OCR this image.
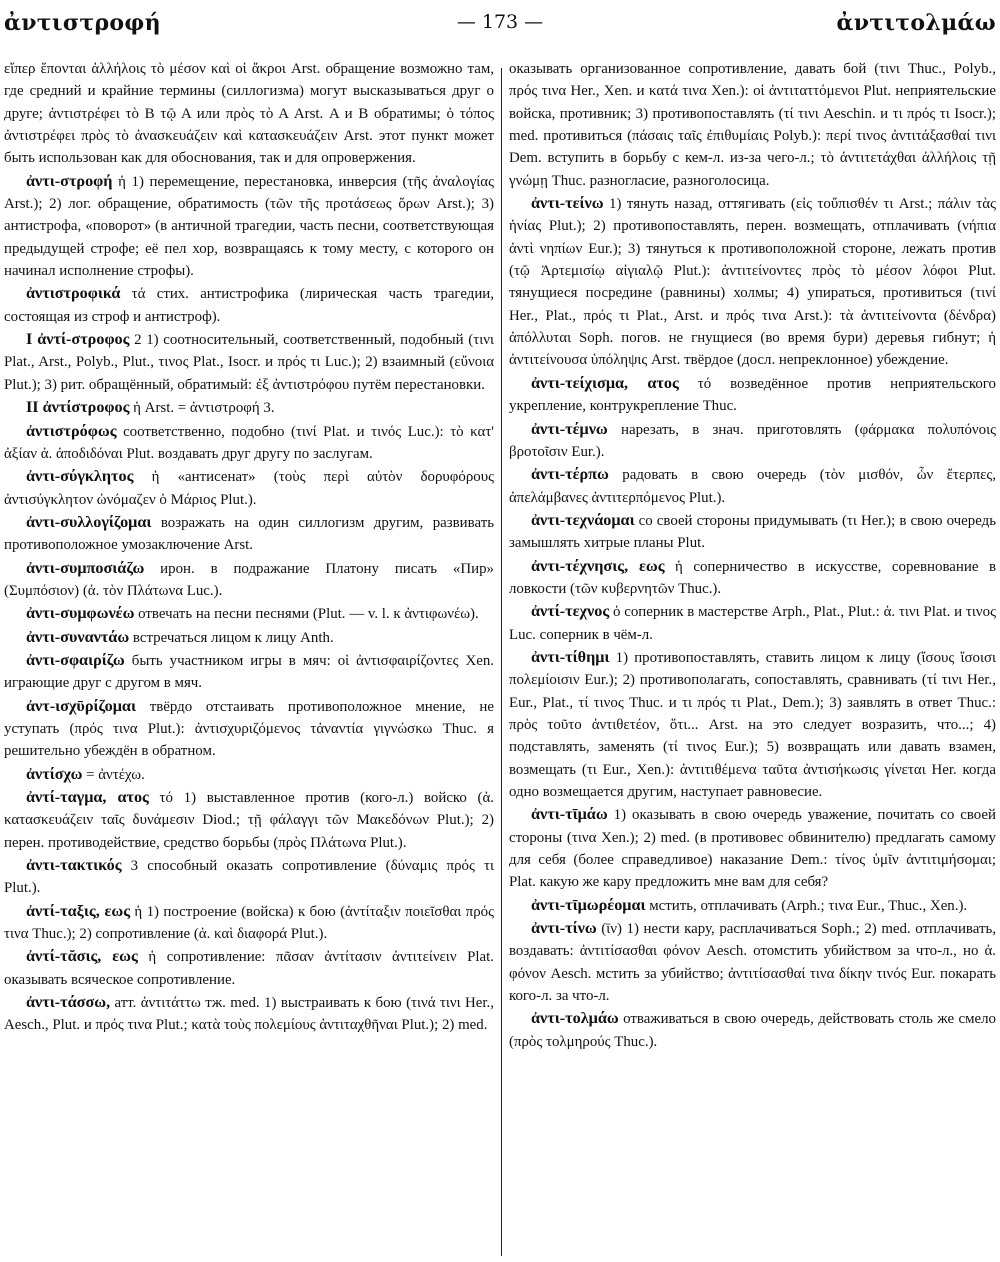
ἀντιστροφή	— 173 —	ἀντιτολμάω

εἴπερ ἕπονται ἀλλήλοις τὸ μέσον καὶ οἱ ἄκροι Arst. обращение возможно там, где средний и крайние термины (силлогизма) могут высказываться друг о друге; ἀντιστρέφει τὸ Β τῷ Α или πρὸς τὸ Α Arst. Α и Β обратимы; ὁ τόπος ἀντιστρέφει πρὸς τὸ ἀνασκευάζειν καὶ κατασκευάζειν Arst. этот пункт может быть использован как для обоснования, так и для опровержения.

ἀντι-στροφή ἡ 1) перемещение, перестановка, инверсия (τῆς ἀναλογίας Arst.); 2) лог. обращение, обратимость (τῶν τῆς προτάσεως ὅρων Arst.); 3) антистрофа, «поворот» (в античной трагедии, часть песни, соответствующая предыдущей строфе; её пел хор, возвращаясь к тому месту, с которого он начинал исполнение строфы).

ἀντιστροφικά τά стих. антистрофика (лирическая часть трагедии, состоящая из строф и антистроф).

I ἀντί-στροφος 2 1) соотносительный, соответственный, подобный (τινι Plat., Arst., Polyb., Plut., τινος Plat., Isocr. и πρός τι Luc.); 2) взаимный (εὔνοια Plut.); 3) рит. обращённый, обратимый: ἐξ ἀντιστρόφου путём перестановки.

II ἀντίστροφος ἡ Arst. = ἀντιστροφή 3.

ἀντιστρόφως соответственно, подобно (τινί Plat. и τινός Luc.): τὸ κατ' ἀξίαν ἀ. ἀποδιδόναι Plut. воздавать друг другу по заслугам.

ἀντι-σύγκλητος ἡ «антисенат» (τοὺς περὶ αὐτὸν δορυφόρους ἀντισύγκλητον ὠνόμαζεν ὁ Μάριος Plut.).

ἀντι-συλλογίζομαι возражать на один силлогизм другим, развивать противоположное умозаключение Arst.

ἀντι-συμποσιάζω ирон. в подражание Платону писать «Пир» (Συμπόσιον) (ἀ. τὸν Πλάτωνα Luc.).

ἀντι-συμφωνέω отвечать на песни песнями (Plut. — v. l. к ἀντιφωνέω).

ἀντι-συναντάω встречаться лицом к лицу Anth.

ἀντι-σφαιρίζω быть участником игры в мяч: οἱ ἀντισφαιρίζοντες Xen. играющие друг с другом в мяч.

ἀντ-ισχῡρίζομαι твёрдо отстаивать противоположное мнение, не уступать (πρός τινα Plut.): ἀντισχυριζόμενος τἀναντία γιγνώσκω Thuc. я решительно убеждён в обратном.

ἀντίσχω = ἀντέχω.

ἀντί-ταγμα, ατος τό 1) выставленное против (кого-л.) войско (ἀ. κατασκευάζειν ταῖς δυνάμεσιν Diod.; τῇ φάλαγγι τῶν Μακεδόνων Plut.); 2) перен. противодействие, средство борьбы (πρὸς Πλάτωνα Plut.).

ἀντι-τακτικός 3 способный оказать сопротивление (δύναμις πρός τι Plut.).

ἀντί-ταξις, εως ἡ 1) построение (войска) к бою (ἀντίταξιν ποιεῖσθαι πρός τινα Thuc.); 2) сопротивление (ἀ. καὶ διαφορά Plut.).

ἀντί-τᾰσις, εως ἡ сопротивление: πᾶσαν ἀντίτασιν ἀντιτείνειν Plat. оказывать всяческое сопротивление.

ἀντι-τάσσω, атт. ἀντιτάττω тж. med. 1) выстраивать к бою (τινά τινι Her., Aesch., Plut. и πρός τινα Plut.; κατὰ τοὺς πολεμίους ἀντιταχθῆναι Plut.); 2) med.

оказывать организованное сопротивление, давать бой (τινι Thuc., Polyb., πρός τινα Her., Xen. и κατά τινα Xen.): οἱ ἀντιταττόμενοι Plut. неприятельские войска, противник; 3) противопоставлять (τί τινι Aeschin. и τι πρός τι Isocr.); med. противиться (πάσαις ταῖς ἐπιθυμίαις Polyb.): περί τινος ἀντιτάξασθαί τινι Dem. вступить в борьбу с кем-л. из-за чего-л.; τὸ ἀντιτετάχθαι ἀλλήλοις τῇ γνώμῃ Thuc. разногласие, разноголосица.

ἀντι-τείνω 1) тянуть назад, оттягивать (εἰς τοὔπισθέν τι Arst.; πάλιν τὰς ἡνίας Plut.); 2) противопоставлять, перен. возмещать, отплачивать (νήπια ἀντὶ νηπίων Eur.); 3) тянуться к противоположной стороне, лежать против (τῷ Ἀρτεμισίῳ αἰγιαλῷ Plut.): ἀντιτείνοντες πρὸς τὸ μέσον λόφοι Plut. тянущиеся посредине (равнины) холмы; 4) упираться, противиться (τινί Her., Plat., πρός τι Plat., Arst. и πρός τινα Arst.): τὰ ἀντιτείνοντα (δένδρα) ἀπόλλυται Soph. погов. не гнущиеся (во время бури) деревья гибнут; ἡ ἀντιτείνουσα ὑπόληψις Arst. твёрдое (досл. непреклонное) убеждение.

ἀντι-τείχισμα, ατος τό возведённое против неприятельского укрепление, контрукрепление Thuc.

ἀντι-τέμνω нарезать, в знач. приготовлять (φάρμακα πολυπόνοις βροτοῖσιν Eur.).

ἀντι-τέρπω радовать в свою очередь (τὸν μισθόν, ὧν ἔτερπες, ἀπελάμβανες ἀντιτερπόμενος Plut.).

ἀντι-τεχνάομαι со своей стороны придумывать (τι Her.); в свою очередь замышлять хитрые планы Plut.

ἀντι-τέχνησις, εως ἡ соперничество в искусстве, соревнование в ловкости (τῶν κυβερνητῶν Thuc.).

ἀντί-τεχνος ὁ соперник в мастерстве Arph., Plat., Plut.: ἀ. τινι Plat. и τινος Luc. соперник в чём-л.

ἀντι-τίθημι 1) противопоставлять, ставить лицом к лицу (ἴσους ἴσοισι πολεμίοισιν Eur.); 2) противополагать, сопоставлять, сравнивать (τί τινι Her., Eur., Plat., τί τινος Thuc. и τι πρός τι Plat., Dem.); 3) заявлять в ответ Thuc.: πρὸς τοῦτο ἀντιθετέον, ὅτι... Arst. на это следует возразить, что...; 4) подставлять, заменять (τί τινος Eur.); 5) возвращать или давать взамен, возмещать (τι Eur., Xen.): ἀντιτιθέμενα ταῦτα ἀντισήκωσις γίνεται Her. когда одно возмещается другим, наступает равновесие.

ἀντι-τῑμάω 1) оказывать в свою очередь уважение, почитать со своей стороны (τινα Xen.); 2) med. (в противовес обвинителю) предлагать самому для себя (более справедливое) наказание Dem.: τίνος ὑμῖν ἀντιτιμήσομαι; Plat. какую же кару предложить мне вам для себя?

ἀντι-τῑμωρέομαι мстить, отплачивать (Arph.; τινα Eur., Thuc., Xen.).

ἀντι-τίνω (ῑν) 1) нести кару, расплачиваться Soph.; 2) med. отплачивать, воздавать: ἀντιτίσασθαι φόνον Aesch. отомстить убийством за что-л., но ἀ. φόνον Aesch. мстить за убийство; ἀντιτίσασθαί τινα δίκην τινός Eur. покарать кого-л. за что-л.

ἀντι-τολμάω отваживаться в свою очередь, действовать столь же смело (πρὸς τολμηρούς Thuc.).
